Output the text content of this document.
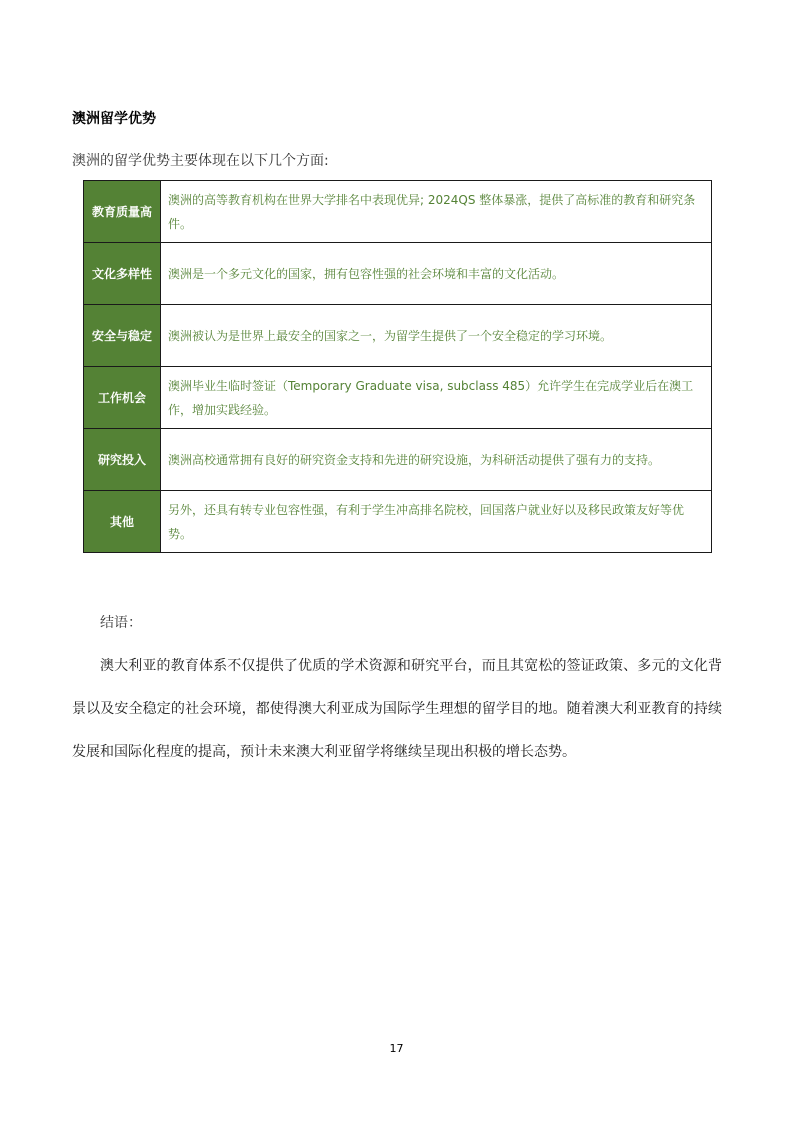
澳洲留学优势
澳洲的留学优势主要体现在以下几个方面:
教育质量高	澳洲的高等教育机构在世界大学排名中表现优异; 2024QS 整体暴涨，提供了高标准的教育和研究条件。
文化多样性	澳洲是一个多元文化的国家，拥有包容性强的社会环境和丰富的文化活动。
安全与稳定	澳洲被认为是世界上最安全的国家之一，为留学生提供了一个安全稳定的学习环境。
工作机会	澳洲毕业生临时签证（Temporary Graduate visa, subclass 485）允许学生在完成学业后在澳工作，增加实践经验。
研究投入	澳洲高校通常拥有良好的研究资金支持和先进的研究设施，为科研活动提供了强有力的支持。
其他	另外，还具有转专业包容性强，有利于学生冲高排名院校，回国落户就业好以及移民政策友好等优势。
结语：
澳大利亚的教育体系不仅提供了优质的学术资源和研究平台，而且其宽松的签证政策、多元的文化背景以及安全稳定的社会环境，都使得澳大利亚成为国际学生理想的留学目的地。随着澳大利亚教育的持续发展和国际化程度的提高，预计未来澳大利亚留学将继续呈现出积极的增长态势。
17
